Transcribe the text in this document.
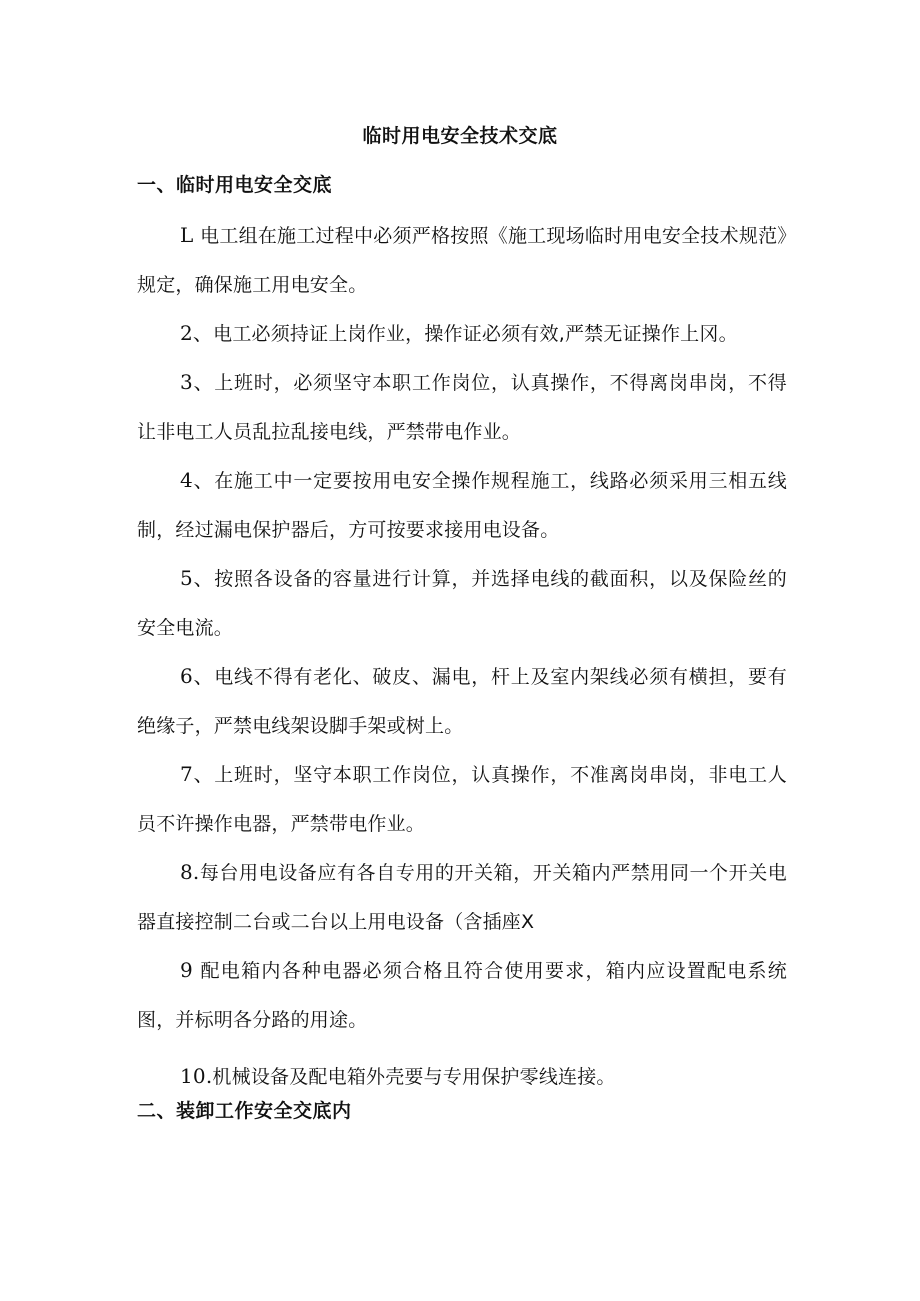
临时用电安全技术交底
一、临时用电安全交底

L 电工组在施工过程中必须严格按照《施工现场临时用电安全技术规范》规定，确保施工用电安全。

2、电工必须持证上岗作业，操作证必须有效,严禁无证操作上冈。

3、上班时，必须坚守本职工作岗位，认真操作，不得离岗串岗，不得让非电工人员乱拉乱接电线，严禁带电作业。

4、在施工中一定要按用电安全操作规程施工，线路必须采用三相五线制，经过漏电保护器后，方可按要求接用电设备。

5、按照各设备的容量进行计算，并选择电线的截面积，以及保险丝的安全电流。

6、电线不得有老化、破皮、漏电，杆上及室内架线必须有横担，要有绝缘子，严禁电线架设脚手架或树上。

7、上班时，坚守本职工作岗位，认真操作，不准离岗串岗，非电工人员不许操作电器，严禁带电作业。

8.每台用电设备应有各自专用的开关箱，开关箱内严禁用同一个开关电器直接控制二台或二台以上用电设备（含插座X

9 配电箱内各种电器必须合格且符合使用要求，箱内应设置配电系统图，并标明各分路的用途。

10.机械设备及配电箱外壳要与专用保护零线连接。

二、装卸工作安全交底内
